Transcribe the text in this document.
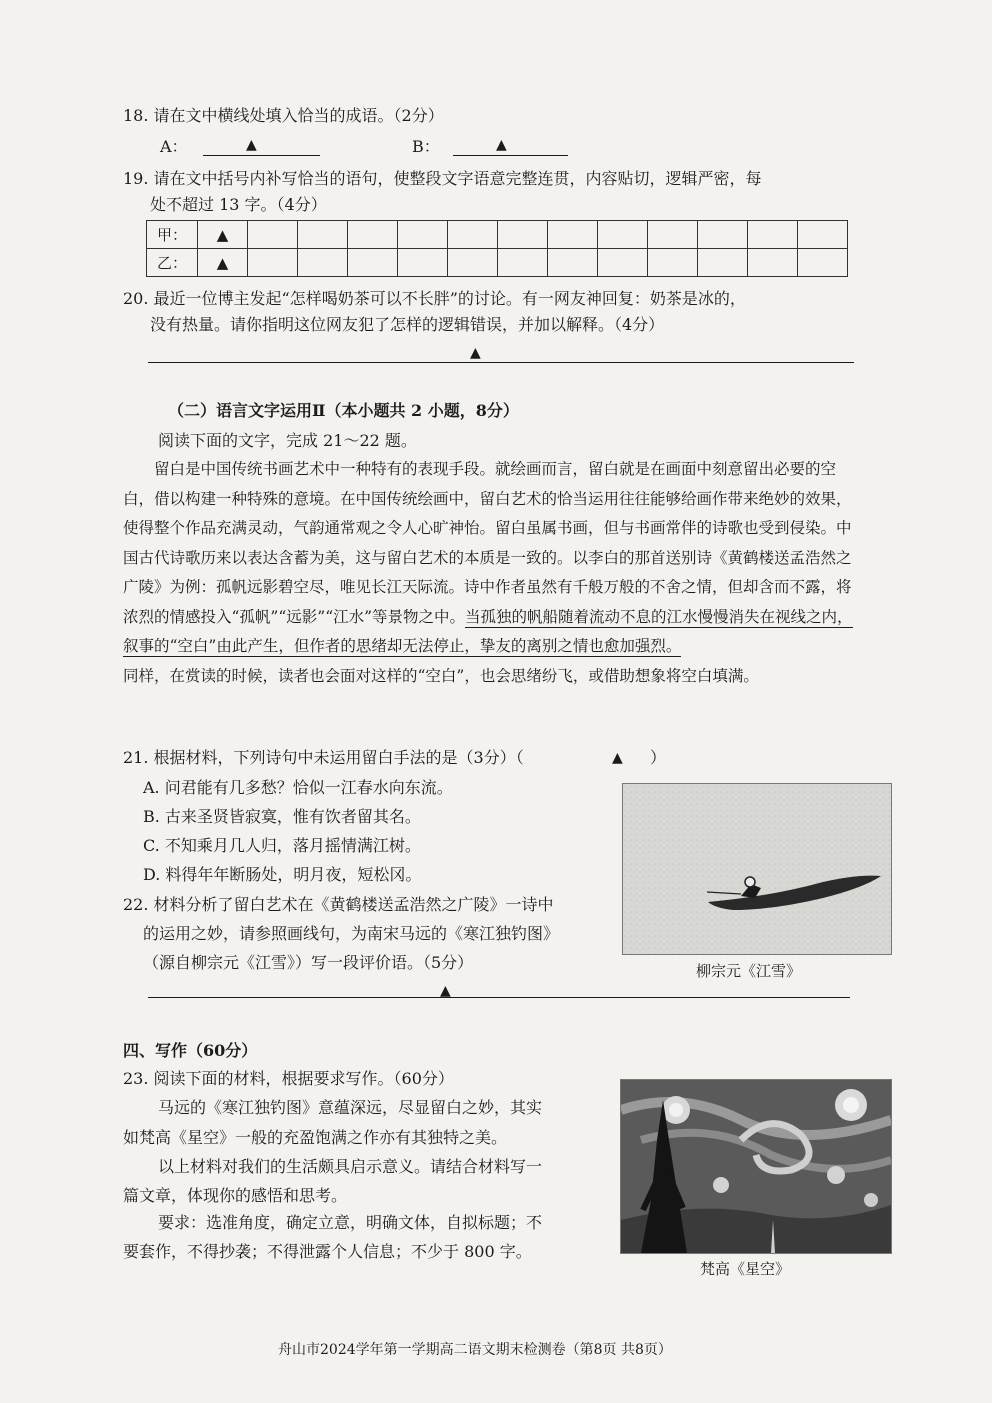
18. 请在文中横线处填入恰当的成语。（2分）
A：	▲	B：	▲
19. 请在文中括号内补写恰当的语句，使整段文字语意完整连贯，内容贴切，逻辑严密，每
处不超过 13 字。（4分）
甲：	▲												
乙：	▲												
20. 最近一位博主发起“怎样喝奶茶可以不长胖”的讨论。有一网友神回复：奶茶是冰的，
没有热量。请你指明这位网友犯了怎样的逻辑错误，并加以解释。（4分）
▲
（二）语言文字运用Ⅱ（本小题共 2 小题，8分）
阅读下面的文字，完成 21～22 题。

留白是中国传统书画艺术中一种特有的表现手段。就绘画而言，留白就是在画面中刻意留出必要的空白，借以构建一种特殊的意境。在中国传统绘画中，留白艺术的恰当运用往往能够给画作带来绝妙的效果，使得整个作品充满灵动，气韵通常观之令人心旷神怡。留白虽属书画，但与书画常伴的诗歌也受到侵染。中国古代诗歌历来以表达含蓄为美，这与留白艺术的本质是一致的。以李白的那首送别诗《黄鹤楼送孟浩然之广陵》为例：孤帆远影碧空尽，唯见长江天际流。诗中作者虽然有千般万般的不舍之情，但却含而不露，将浓烈的情感投入“孤帆”“远影”“江水”等景物之中。当孤独的帆船随着流动不息的江水慢慢消失在视线之内，叙事的“空白”由此产生，但作者的思绪却无法停止，挚友的离别之情也愈加强烈。

同样，在赏读的时候，读者也会面对这样的“空白”，也会思绪纷飞，或借助想象将空白填满。

21. 根据材料，下列诗句中未运用留白手法的是（3分）（	▲ ）
A. 问君能有几多愁？恰似一江春水向东流。
B. 古来圣贤皆寂寞，惟有饮者留其名。
C. 不知乘月几人归，落月摇情满江树。
D. 料得年年断肠处，明月夜，短松冈。
柳宗元《江雪》
22. 材料分析了留白艺术在《黄鹤楼送孟浩然之广陵》一诗中
的运用之妙，请参照画线句，为南宋马远的《寒江独钓图》
（源自柳宗元《江雪》）写一段评价语。（5分）
▲
四、写作（60分）
23. 阅读下面的材料，根据要求写作。（60分）
马远的《寒江独钓图》意蕴深远，尽显留白之妙，其实
如梵高《星空》一般的充盈饱满之作亦有其独特之美。
以上材料对我们的生活颇具启示意义。请结合材料写一
篇文章，体现你的感悟和思考。
要求：选准角度，确定立意，明确文体，自拟标题；不
要套作，不得抄袭；不得泄露个人信息；不少于 800 字。
梵高《星空》
舟山市2024学年第一学期高二语文期末检测卷（第8页 共8页）
